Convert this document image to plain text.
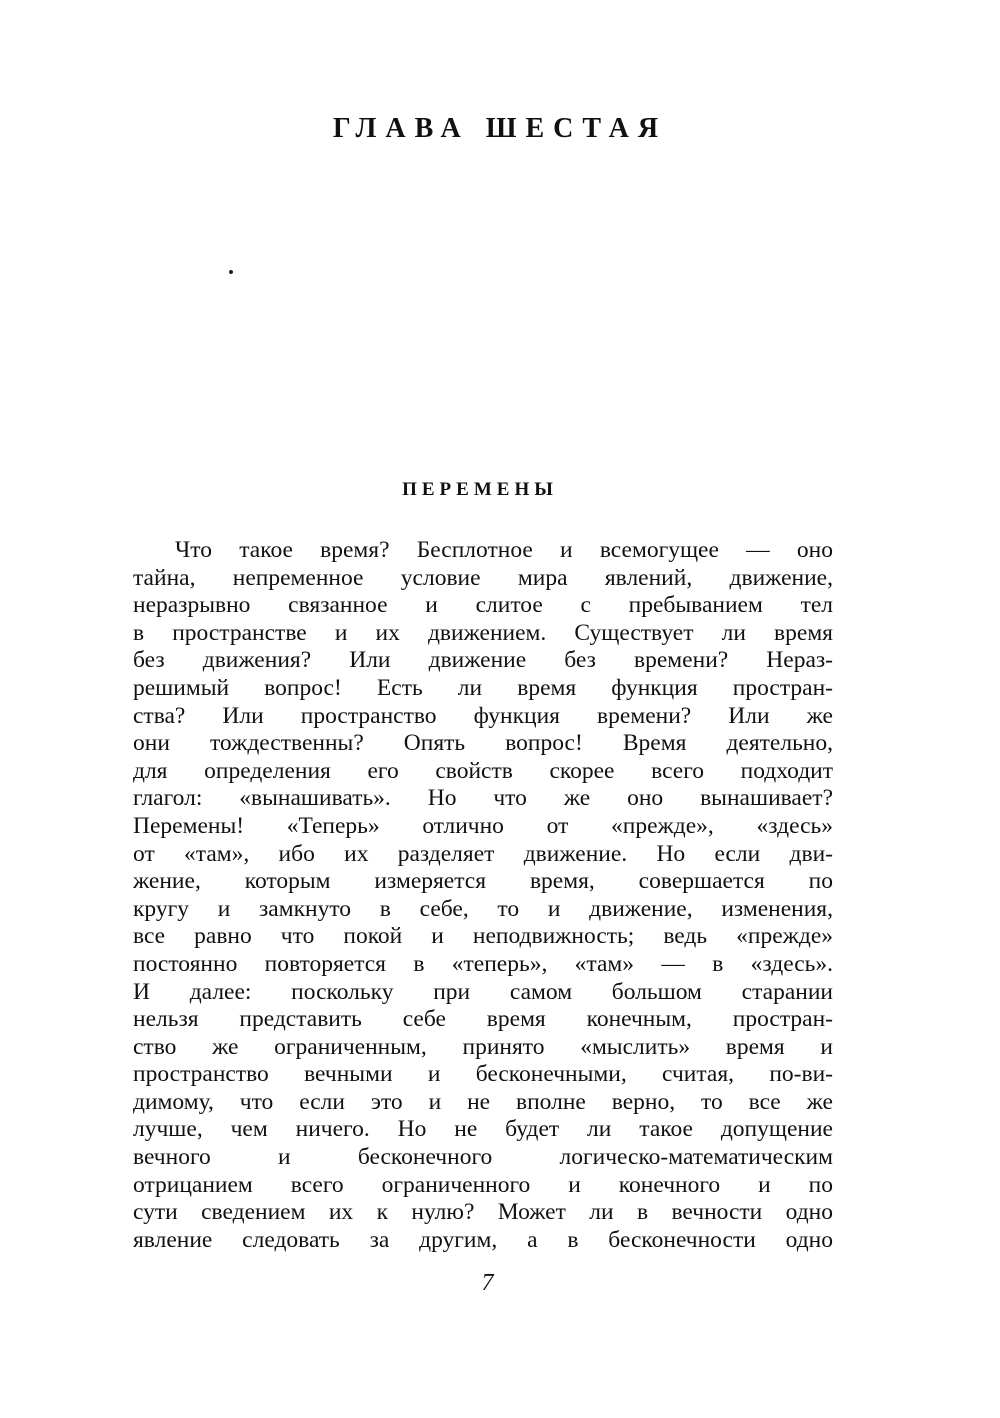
ГЛАВА ШЕСТАЯ
ПЕРЕМЕНЫ
Что такое время? Бесплотное и всемогущее — оно
тайна, непременное условие мира явлений, движение,
неразрывно связанное и слитое с пребыванием тел
в пространстве и их движением. Существует ли время
без движения? Или движение без времени? Нераз-
решимый вопрос! Есть ли время функция простран-
ства? Или пространство функция времени? Или же
они тождественны? Опять вопрос! Время деятельно,
для определения его свойств скорее всего подходит
глагол: «вынашивать». Но что же оно вынашивает?
Перемены! «Теперь» отлично от «прежде», «здесь»
от «там», ибо их разделяет движение. Но если дви-
жение, которым измеряется время, совершается по
кругу и замкнуто в себе, то и движение, изменения,
все равно что покой и неподвижность; ведь «прежде»
постоянно повторяется в «теперь», «там» — в «здесь».
И далее: поскольку при самом большом старании
нельзя представить себе время конечным, простран-
ство же ограниченным, принято «мыслить» время и
пространство вечными и бесконечными, считая, по-ви-
димому, что если это и не вполне верно, то все же
лучше, чем ничего. Но не будет ли такое допущение
вечного и бесконечного логическо-математическим
отрицанием всего ограниченного и конечного и по
сути сведением их к нулю? Может ли в вечности одно
явление следовать за другим, а в бесконечности одно

7
